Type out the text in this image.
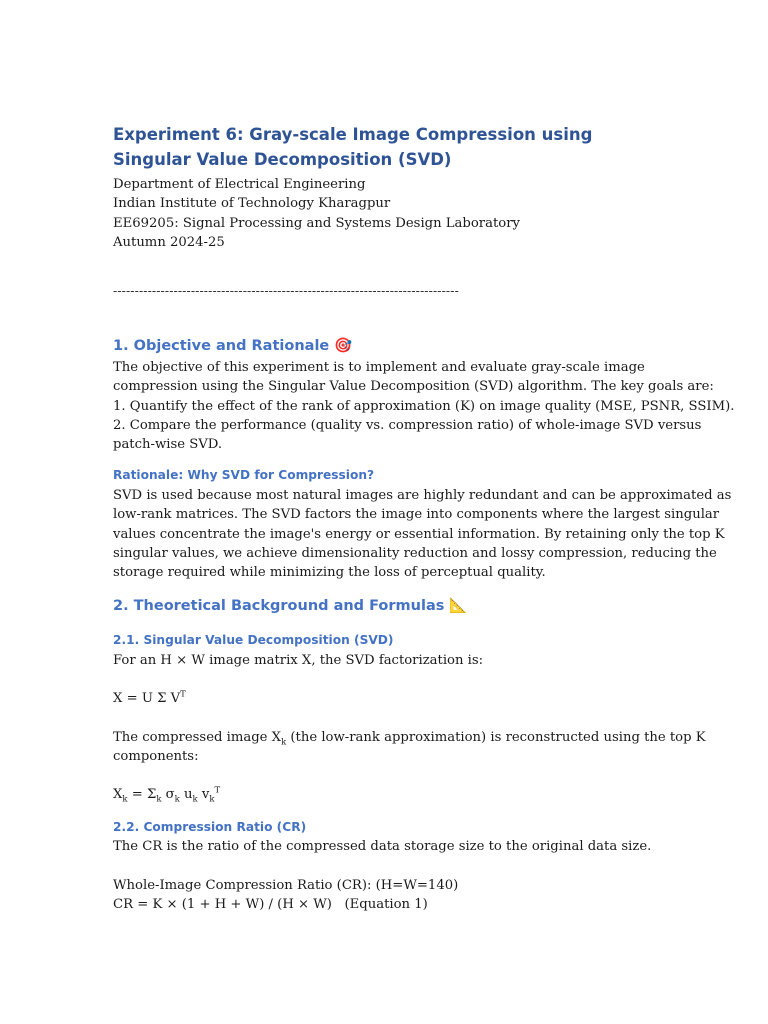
Experiment 6: Gray-scale Image Compression using Singular Value Decomposition (SVD)
Department of Electrical Engineering
Indian Institute of Technology Kharagpur
EE69205: Signal Processing and Systems Design Laboratory
Autumn 2024-25
--------------------------------------------------------------------------------
1. Objective and Rationale 🎯
The objective of this experiment is to implement and evaluate gray-scale image
compression using the Singular Value Decomposition (SVD) algorithm. The key goals are:
1. Quantify the effect of the rank of approximation (K) on image quality (MSE, PSNR, SSIM).
2. Compare the performance (quality vs. compression ratio) of whole-image SVD versus
patch-wise SVD.
Rationale: Why SVD for Compression?
SVD is used because most natural images are highly redundant and can be approximated as
low-rank matrices. The SVD factors the image into components where the largest singular
values concentrate the image's energy or essential information. By retaining only the top K
singular values, we achieve dimensionality reduction and lossy compression, reducing the
storage required while minimizing the loss of perceptual quality.
2. Theoretical Background and Formulas 📐
2.1. Singular Value Decomposition (SVD)
For an H × W image matrix X, the SVD factorization is:
X = U Σ $V^T$
The compressed image $X_k$ (the low-rank approximation) is reconstructed using the top K
components:
$X_k = \Sigma_k$ $\sigma_k$ $u_k$ $v_k^T$
2.2. Compression Ratio (CR)
The CR is the ratio of the compressed data storage size to the original data size.
Whole-Image Compression Ratio (CR): (H=W=140)
CR = K × (1 + H + W) / (H × W)   (Equation 1)
